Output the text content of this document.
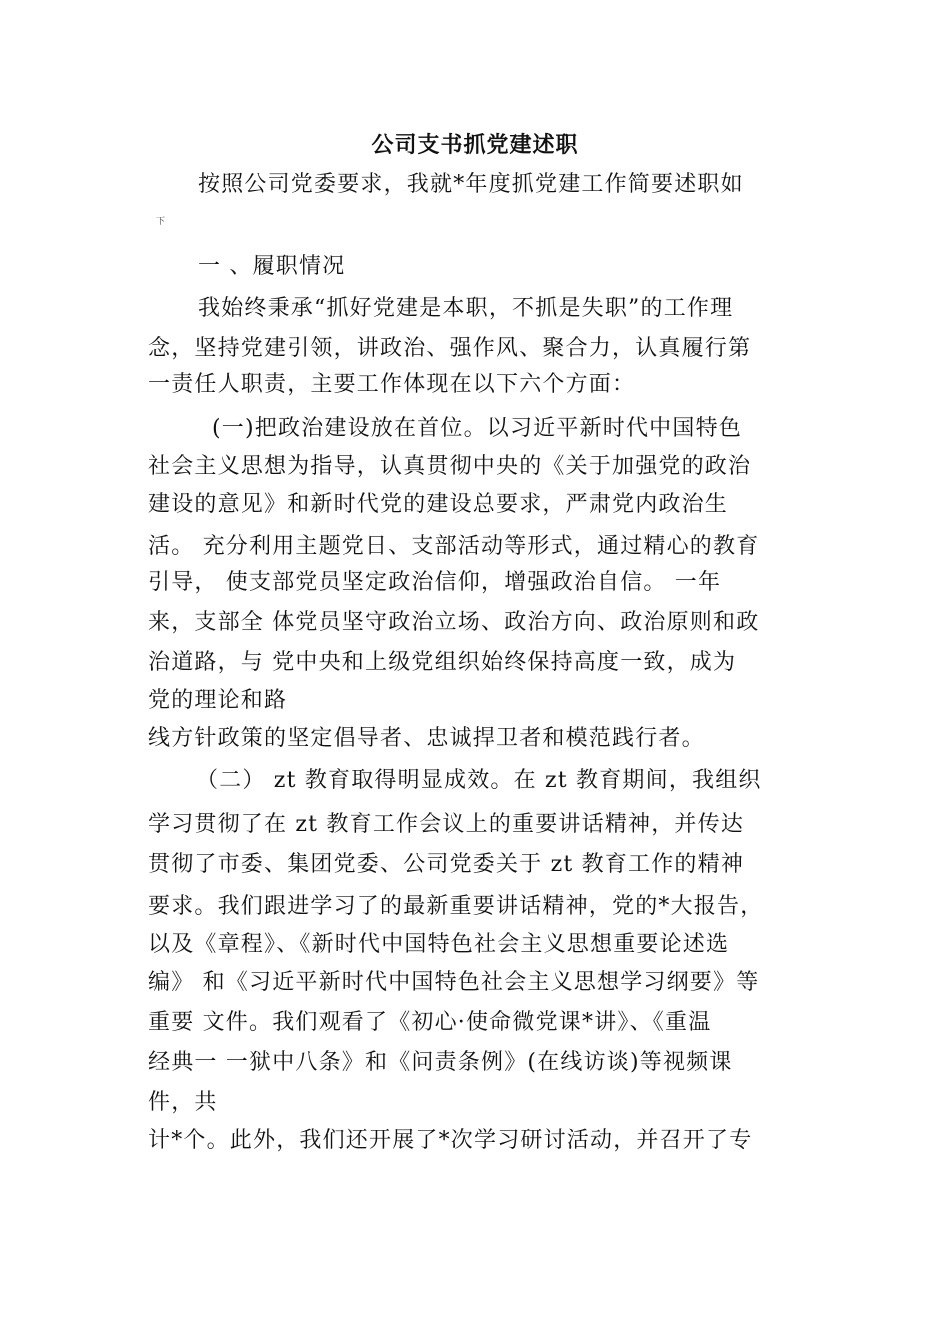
公司支书抓党建述职
按照公司党委要求，我就*年度抓党建工作简要述职如
下
一 、履职情况
我始终秉承“抓好党建是本职，不抓是失职”的工作理
念，坚持党建引领，讲政治、强作风、聚合力，认真履行第
一责任人职责，主要工作体现在以下六个方面：
(一)把政治建设放在首位。以习近平新时代中国特色
社会主义思想为指导，认真贯彻中央的《关于加强党的政治
建设的意见》和新时代党的建设总要求，严肃党内政治生
活。 充分利用主题党日、支部活动等形式，通过精心的教育
引导， 使支部党员坚定政治信仰，增强政治自信。 一年
来，支部全 体党员坚守政治立场、政治方向、政治原则和政
治道路，与 党中央和上级党组织始终保持高度一致，成为
党的理论和路
线方针政策的坚定倡导者、忠诚捍卫者和模范践行者。
（二） zt 教育取得明显成效。在 zt 教育期间，我组织
学习贯彻了在 zt 教育工作会议上的重要讲话精神，并传达
贯彻了市委、集团党委、公司党委关于 zt 教育工作的精神
要求。我们跟进学习了的最新重要讲话精神，党的*大报告，
以及《章程》、《新时代中国特色社会主义思想重要论述选
编》 和《习近平新时代中国特色社会主义思想学习纲要》等
重要 文件。我们观看了《初心·使命微党课*讲》、《重温
经典一 一狱中八条》和《问责条例》(在线访谈)等视频课
件，共
计*个。此外，我们还开展了*次学习研讨活动，并召开了专
